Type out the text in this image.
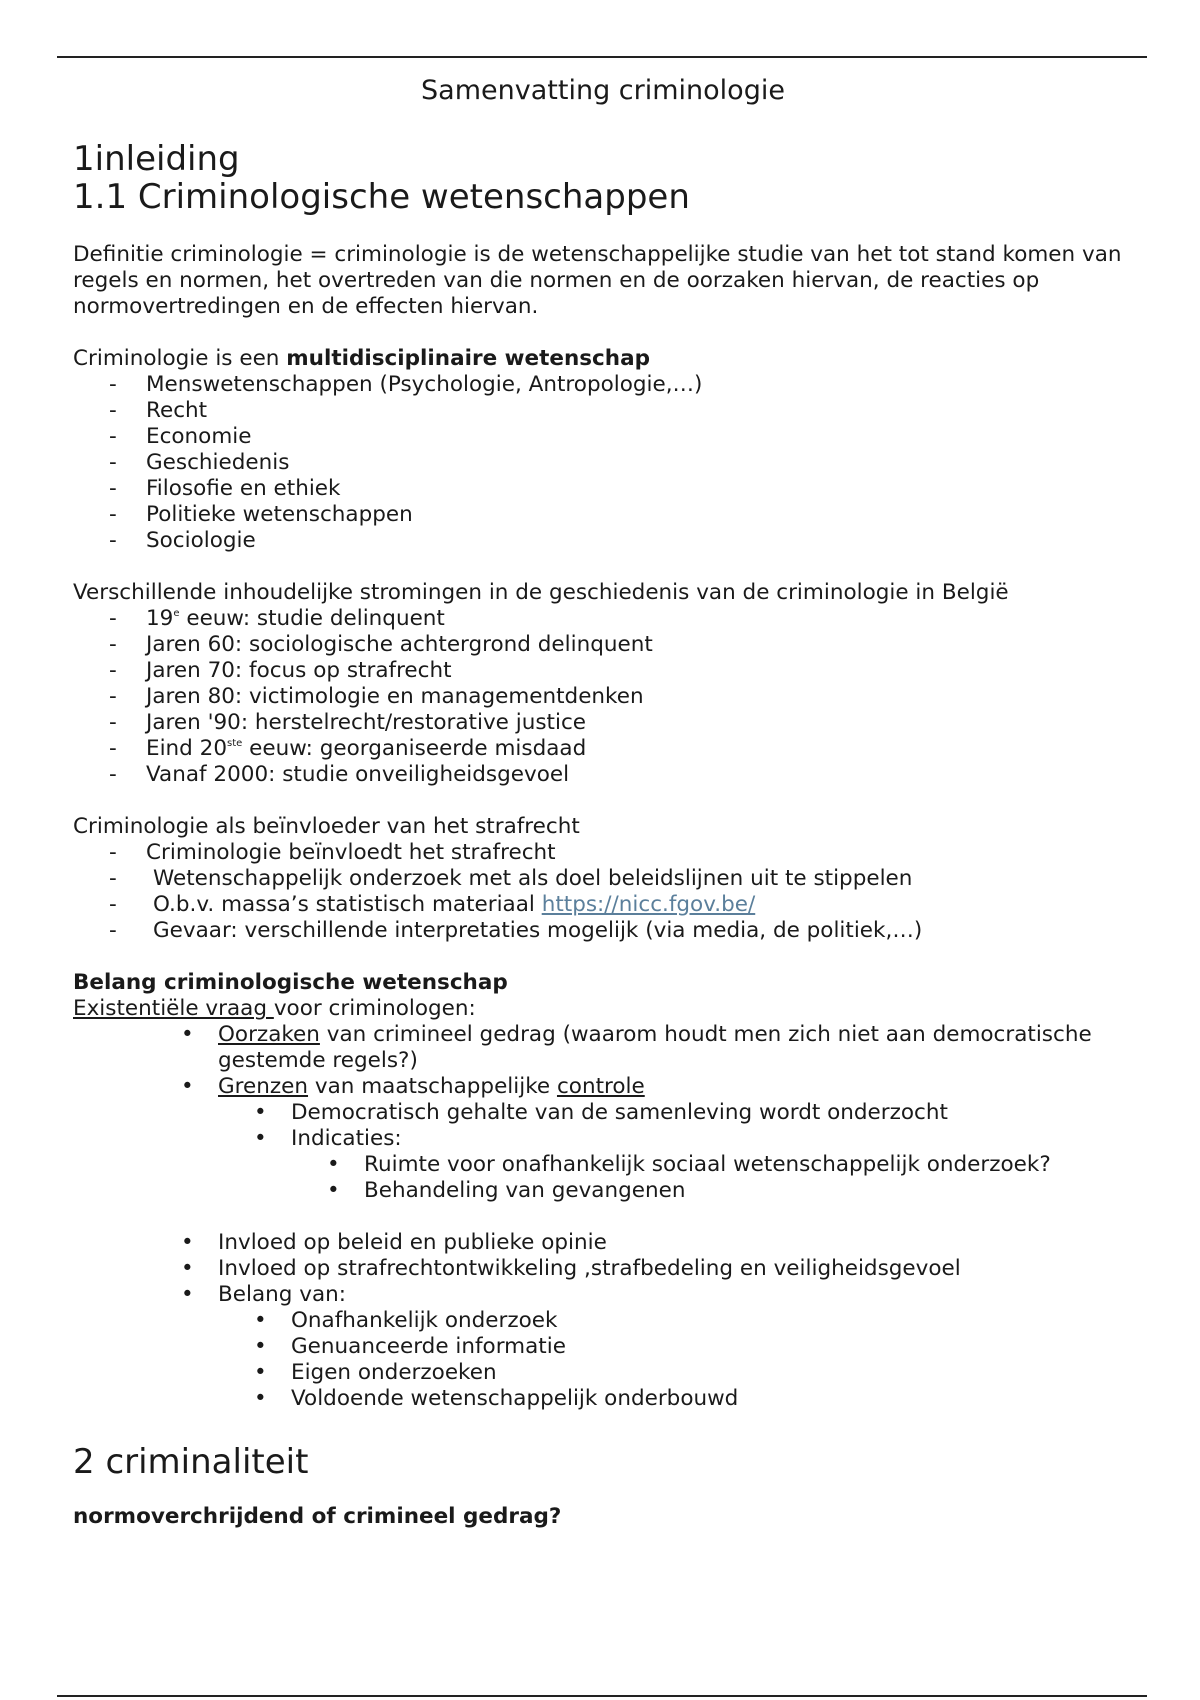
Samenvatting criminologie
1inleiding
1.1 Criminologische wetenschappen

Definitie criminologie = criminologie is de wetenschappelijke studie van het tot stand komen van regels en normen, het overtreden van die normen en de oorzaken hiervan, de reacties op normovertredingen en de effecten hiervan.

Criminologie is een multidisciplinaire wetenschap

- Menswetenschappen (Psychologie, Antropologie,…)
- Recht
- Economie
- Geschiedenis
- Filosofie en ethiek
- Politieke wetenschappen
- Sociologie

Verschillende inhoudelijke stromingen in de geschiedenis van de criminologie in België

- 19e eeuw: studie delinquent
- Jaren 60: sociologische achtergrond delinquent
- Jaren 70: focus op strafrecht
- Jaren 80: victimologie en managementdenken
- Jaren '90: herstelrecht/restorative justice
- Eind 20ste eeuw: georganiseerde misdaad
- Vanaf 2000: studie onveiligheidsgevoel

Criminologie als beïnvloeder van het strafrecht

- Criminologie beïnvloedt het strafrecht
- Wetenschappelijk onderzoek met als doel beleidslijnen uit te stippelen
- O.b.v. massa’s statistisch materiaal https://nicc.fgov.be/
- Gevaar: verschillende interpretaties mogelijk (via media, de politiek,…)

Belang criminologische wetenschap

Existentiële vraag voor criminologen:

• Oorzaken van crimineel gedrag (waarom houdt men zich niet aan democratische gestemde regels?)
• Grenzen van maatschappelijke controle
• Democratisch gehalte van de samenleving wordt onderzocht
• Indicaties:
• Ruimte voor onafhankelijk sociaal wetenschappelijk onderzoek?
• Behandeling van gevangenen
• Invloed op beleid en publieke opinie
• Invloed op strafrechtontwikkeling ,strafbedeling en veiligheidsgevoel
• Belang van:
• Onafhankelijk onderzoek
• Genuanceerde informatie
• Eigen onderzoeken
• Voldoende wetenschappelijk onderbouwd
2 criminaliteit

normoverchrijdend of crimineel gedrag?
